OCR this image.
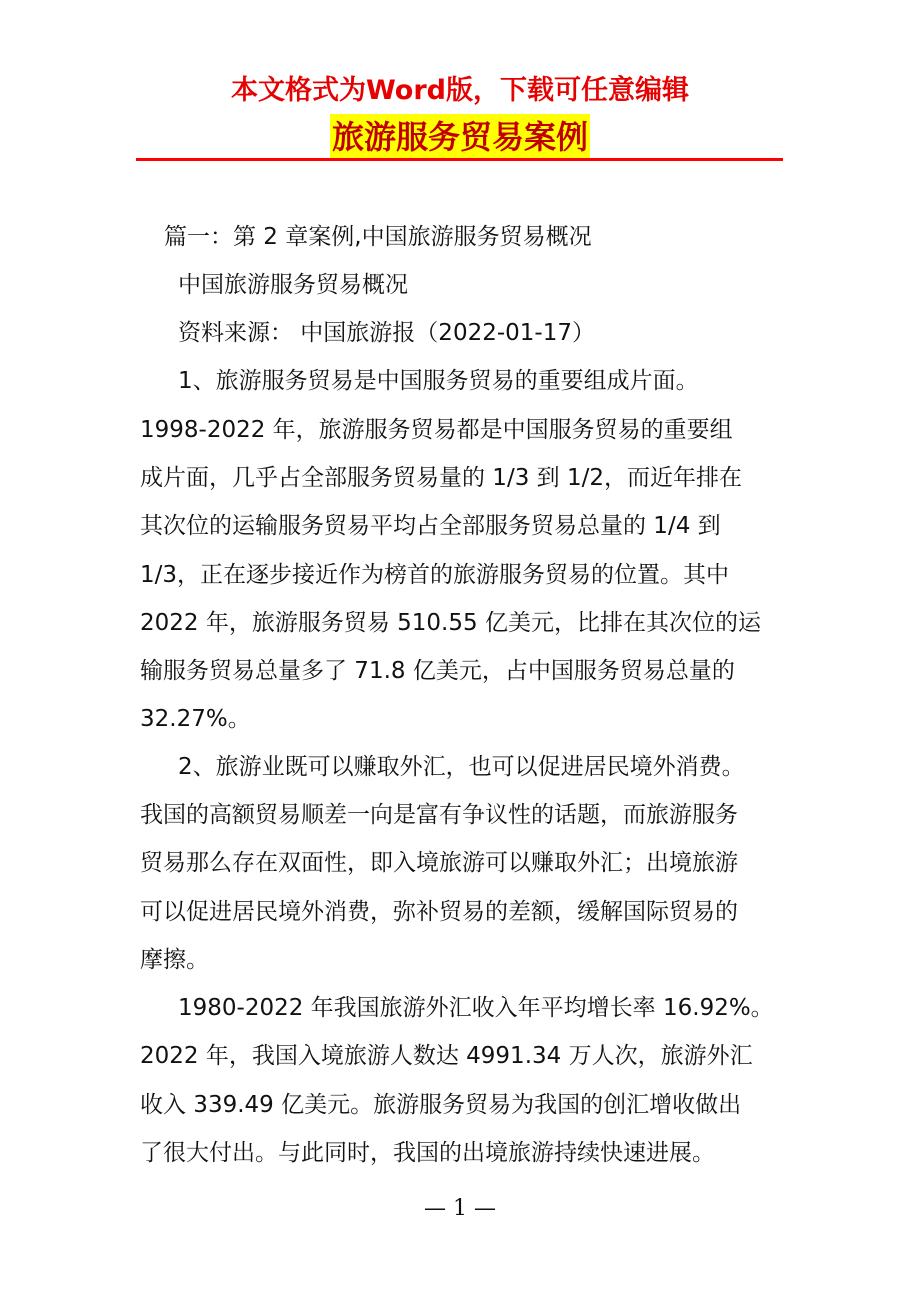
本文格式为Word版，下载可任意编辑
旅游服务贸易案例
篇一：第 2 章案例,中国旅游服务贸易概况
中国旅游服务贸易概况
资料来源： 中国旅游报（2022-01-17）
1、旅游服务贸易是中国服务贸易的重要组成片面。
1998-2022 年，旅游服务贸易都是中国服务贸易的重要组
成片面，几乎占全部服务贸易量的 1/3 到 1/2，而近年排在
其次位的运输服务贸易平均占全部服务贸易总量的 1/4 到
1/3，正在逐步接近作为榜首的旅游服务贸易的位置。其中
2022 年，旅游服务贸易 510.55 亿美元，比排在其次位的运
输服务贸易总量多了 71.8 亿美元，占中国服务贸易总量的
32.27%。
2、旅游业既可以赚取外汇，也可以促进居民境外消费。
我国的高额贸易顺差一向是富有争议性的话题，而旅游服务
贸易那么存在双面性，即入境旅游可以赚取外汇；出境旅游
可以促进居民境外消费，弥补贸易的差额，缓解国际贸易的
摩擦。
1980-2022 年我国旅游外汇收入年平均增长率 16.92%。
2022 年，我国入境旅游人数达 4991.34 万人次，旅游外汇
收入 339.49 亿美元。旅游服务贸易为我国的创汇增收做出
了很大付出。与此同时，我国的出境旅游持续快速进展。
— 1 —
